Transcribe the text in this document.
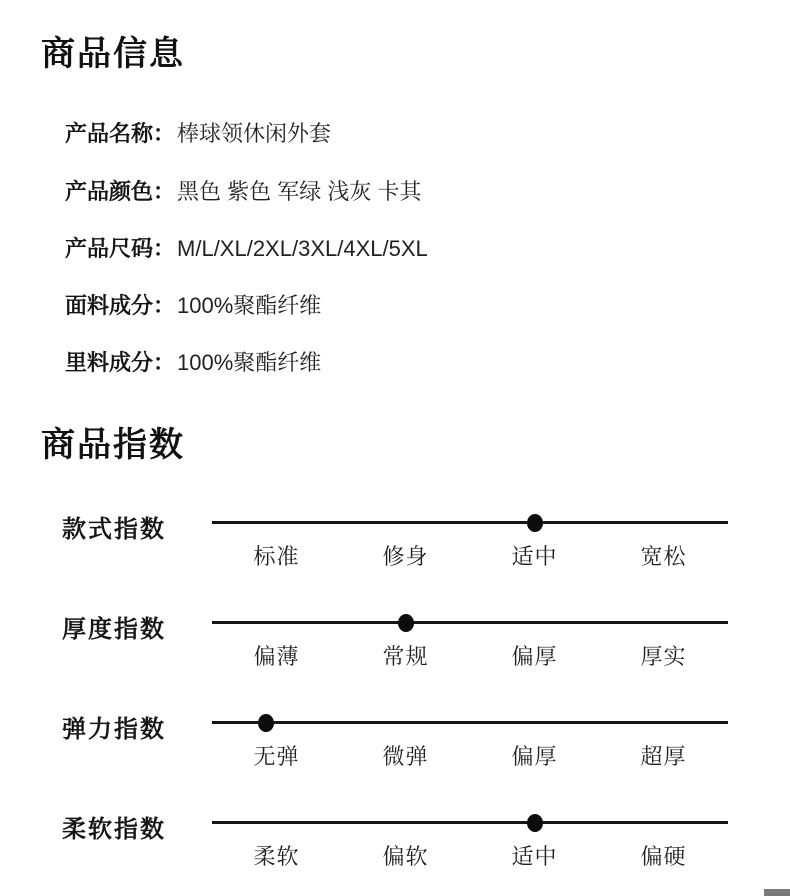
商品信息
产品名称：棒球领休闲外套
产品颜色：黑色 紫色 军绿 浅灰 卡其
产品尺码：M/L/XL/2XL/3XL/4XL/5XL
面料成分：100%聚酯纤维
里料成分：100%聚酯纤维
商品指数
款式指数
标准	修身	适中	宽松
厚度指数
偏薄	常规	偏厚	厚实
弹力指数
无弹	微弹	偏厚	超厚
柔软指数
柔软	偏软	适中	偏硬
